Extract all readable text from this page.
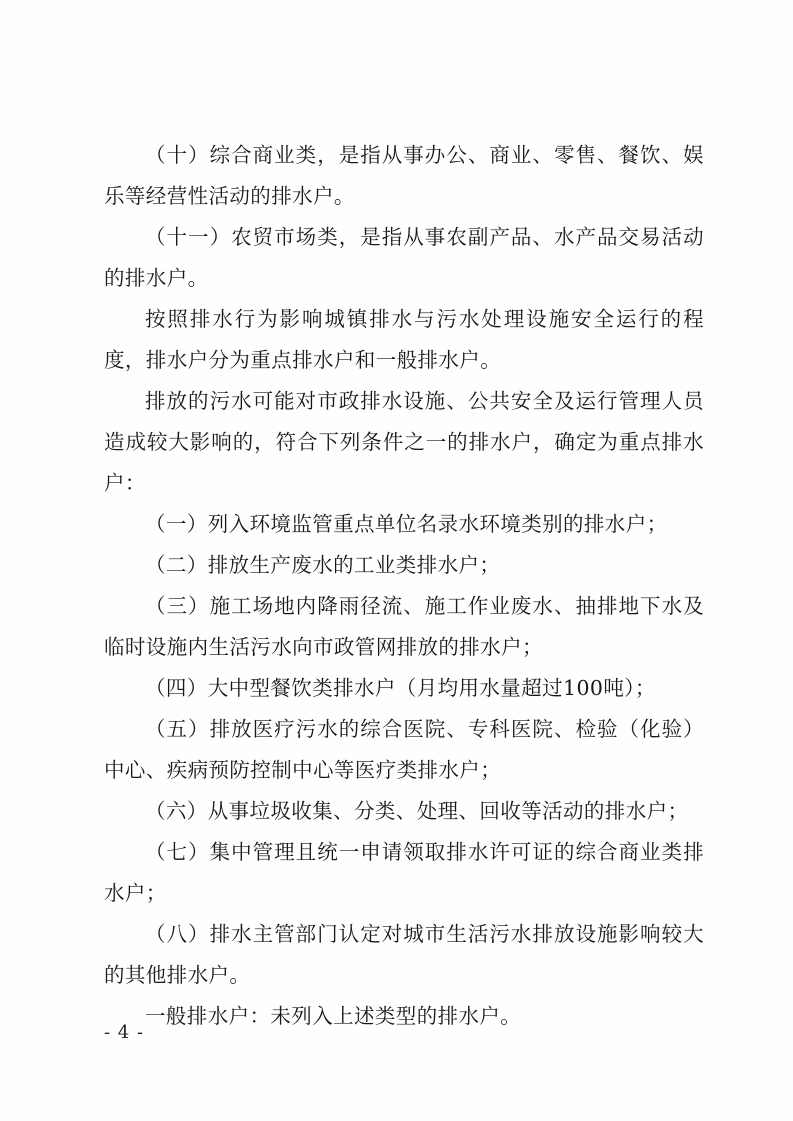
（十）综合商业类，是指从事办公、商业、零售、餐饮、娱乐等经营性活动的排水户。

（十一）农贸市场类，是指从事农副产品、水产品交易活动的排水户。

按照排水行为影响城镇排水与污水处理设施安全运行的程度，排水户分为重点排水户和一般排水户。

排放的污水可能对市政排水设施、公共安全及运行管理人员造成较大影响的，符合下列条件之一的排水户，确定为重点排水户：

（一）列入环境监管重点单位名录水环境类别的排水户；

（二）排放生产废水的工业类排水户；

（三）施工场地内降雨径流、施工作业废水、抽排地下水及临时设施内生活污水向市政管网排放的排水户；

（四）大中型餐饮类排水户（月均用水量超过100吨）；

（五）排放医疗污水的综合医院、专科医院、检验（化验）中心、疾病预防控制中心等医疗类排水户；

（六）从事垃圾收集、分类、处理、回收等活动的排水户；

（七）集中管理且统一申请领取排水许可证的综合商业类排水户；

（八）排水主管部门认定对城市生活污水排放设施影响较大的其他排水户。

一般排水户：未列入上述类型的排水户。

- 4 -
